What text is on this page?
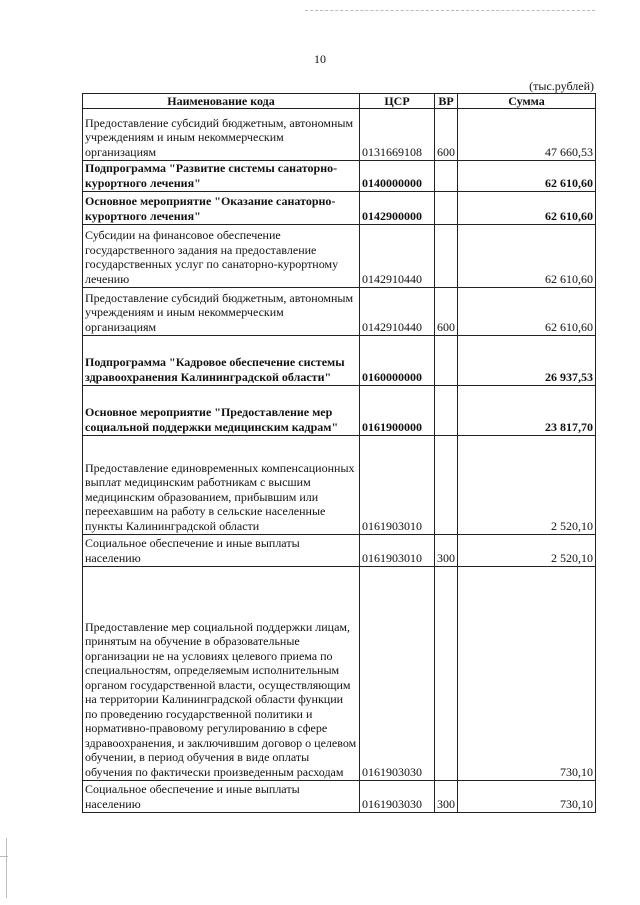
10
(тыс.рублей)
Наименование кода	ЦСР	ВР	Сумма
Предоставление субсидий бюджетным, автономным учреждениям и иным некоммерческим организациям	0131669108	600	47 660,53
Подпрограмма "Развитие системы санаторно-курортного лечения"	0140000000		62 610,60
Основное мероприятие "Оказание санаторно-курортного лечения"	0142900000		62 610,60
Субсидии на финансовое обеспечение государственного задания на предоставление государственных услуг по санаторно-курортному лечению	0142910440		62 610,60
Предоставление субсидий бюджетным, автономным учреждениям и иным некоммерческим организациям	0142910440	600	62 610,60
Подпрограмма "Кадровое обеспечение системы здравоохранения Калининградской области"	0160000000		26 937,53
Основное мероприятие "Предоставление мер социальной поддержки медицинским кадрам"	0161900000		23 817,70
Предоставление единовременных компенсационных выплат медицинским работникам с высшим медицинским образованием, прибывшим или переехавшим на работу в сельские населенные пункты Калининградской области	0161903010		2 520,10
Социальное обеспечение и иные выплаты населению	0161903010	300	2 520,10
Предоставление мер социальной поддержки лицам, принятым на обучение в образовательные организации не на условиях целевого приема по специальностям, определяемым исполнительным органом государственной власти, осуществляющим на территории Калининградской области функции по проведению государственной политики и нормативно-правовому регулированию в сфере здравоохранения, и заключившим договор о целевом обучении, в период обучения в виде оплаты обучения по фактически произведенным расходам	0161903030		730,10
Социальное обеспечение и иные выплаты населению	0161903030	300	730,10
